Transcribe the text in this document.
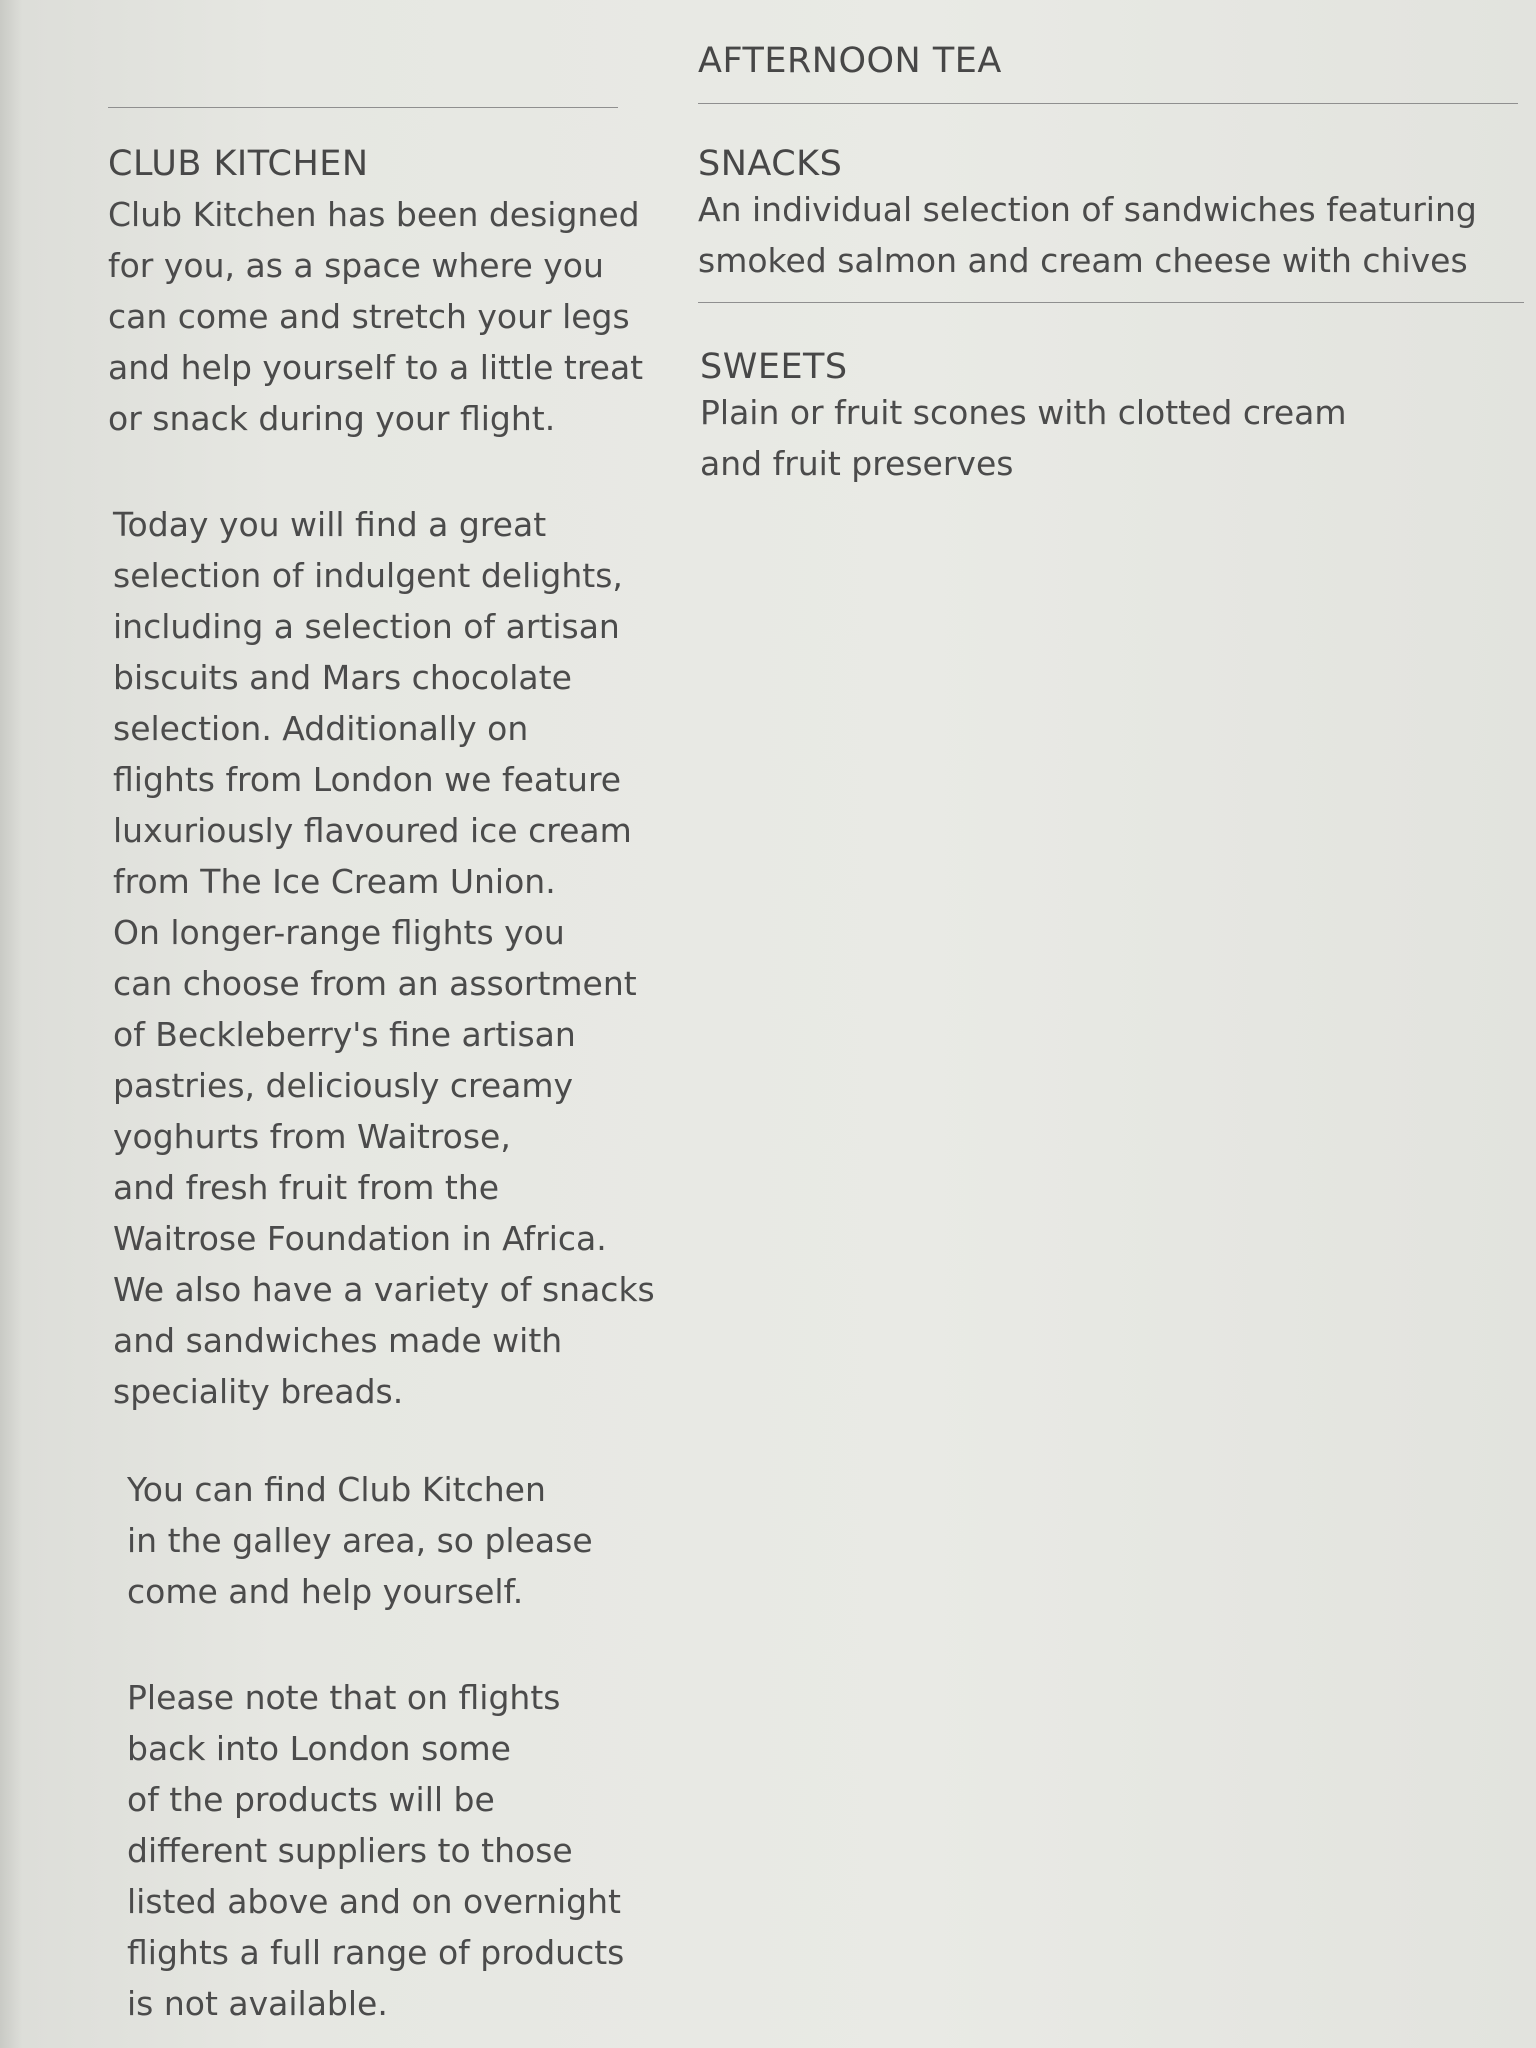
AFTERNOON TEA
SNACKS
An individual selection of sandwiches featuring
smoked salmon and cream cheese with chives
SWEETS
Plain or fruit scones with clotted cream
and fruit preserves
CLUB KITCHEN
Club Kitchen has been designed
for you, as a space where you
can come and stretch your legs
and help yourself to a little treat
or snack during your flight.
Today you will find a great
selection of indulgent delights,
including a selection of artisan
biscuits and Mars chocolate
selection. Additionally on
flights from London we feature
luxuriously flavoured ice cream
from The Ice Cream Union.
On longer-range flights you
can choose from an assortment
of Beckleberry's fine artisan
pastries, deliciously creamy
yoghurts from Waitrose,
and fresh fruit from the
Waitrose Foundation in Africa.
We also have a variety of snacks
and sandwiches made with
speciality breads.
You can find Club Kitchen
in the galley area, so please
come and help yourself.
Please note that on flights
back into London some
of the products will be
different suppliers to those
listed above and on overnight
flights a full range of products
is not available.
